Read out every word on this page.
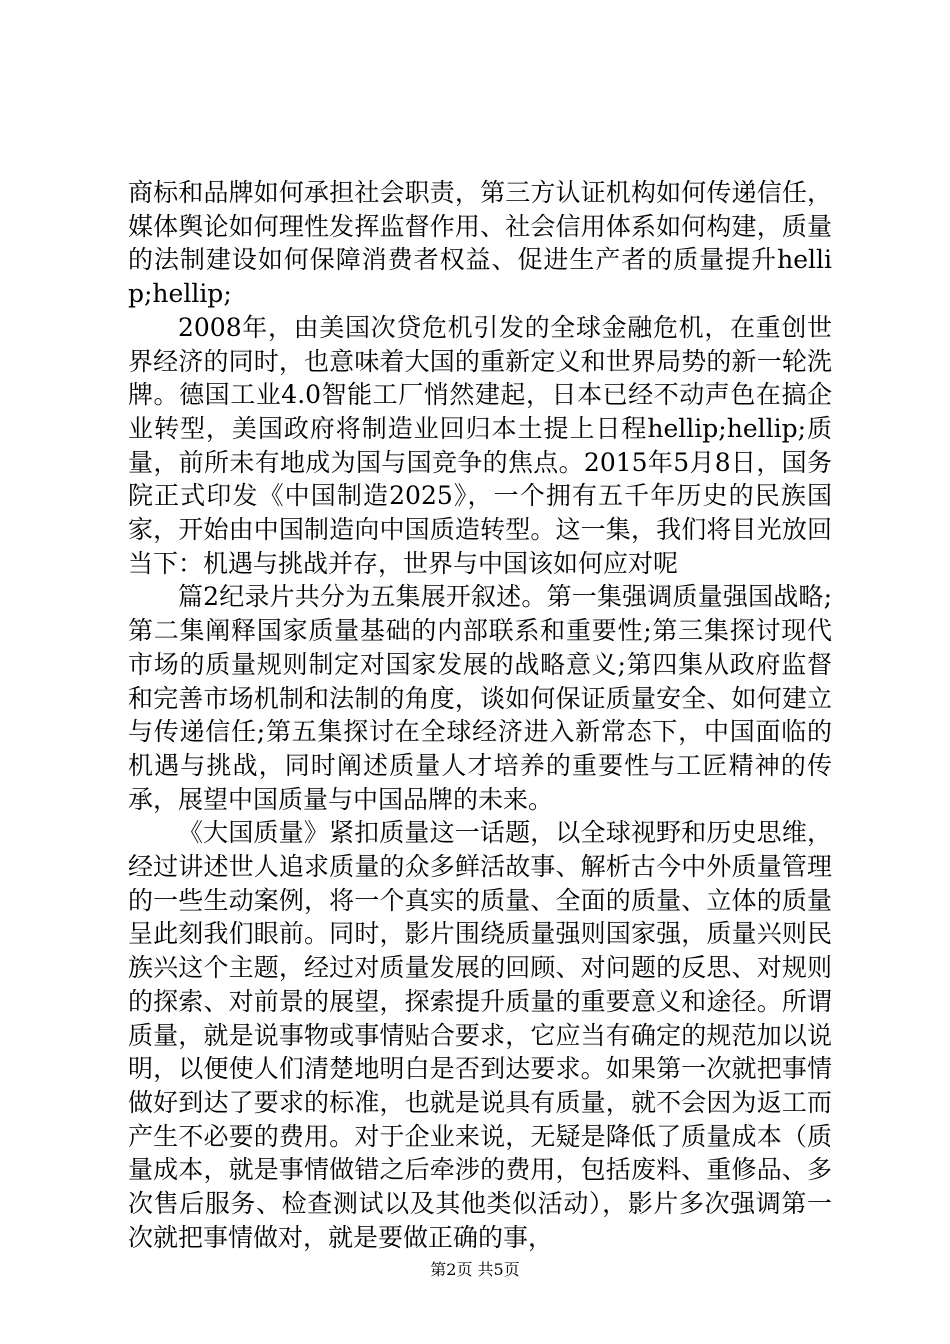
商标和品牌如何承担社会职责，第三方认证机构如何传递信任，媒体舆论如何理性发挥监督作用、社会信用体系如何构建，质量的法制建设如何保障消费者权益、促进生产者的质量提升hellip;hellip;

2008年，由美国次贷危机引发的全球金融危机，在重创世界经济的同时，也意味着大国的重新定义和世界局势的新一轮洗牌。德国工业4.0智能工厂悄然建起，日本已经不动声色在搞企业转型，美国政府将制造业回归本土提上日程hellip;hellip;质量，前所未有地成为国与国竞争的焦点。2015年5月8日，国务院正式印发《中国制造2025》，一个拥有五千年历史的民族国家，开始由中国制造向中国质造转型。这一集，我们将目光放回当下：机遇与挑战并存，世界与中国该如何应对呢

篇2纪录片共分为五集展开叙述。第一集强调质量强国战略;第二集阐释国家质量基础的内部联系和重要性;第三集探讨现代市场的质量规则制定对国家发展的战略意义;第四集从政府监督和完善市场机制和法制的角度，谈如何保证质量安全、如何建立与传递信任;第五集探讨在全球经济进入新常态下，中国面临的机遇与挑战，同时阐述质量人才培养的重要性与工匠精神的传承，展望中国质量与中国品牌的未来。

《大国质量》紧扣质量这一话题，以全球视野和历史思维，经过讲述世人追求质量的众多鲜活故事、解析古今中外质量管理的一些生动案例，将一个真实的质量、全面的质量、立体的质量呈此刻我们眼前。同时，影片围绕质量强则国家强，质量兴则民族兴这个主题，经过对质量发展的回顾、对问题的反思、对规则的探索、对前景的展望，探索提升质量的重要意义和途径。所谓质量，就是说事物或事情贴合要求，它应当有确定的规范加以说明，以便使人们清楚地明白是否到达要求。如果第一次就把事情做好到达了要求的标准，也就是说具有质量，就不会因为返工而产生不必要的费用。对于企业来说，无疑是降低了质量成本（质量成本，就是事情做错之后牵涉的费用，包括废料、重修品、多次售后服务、检查测试以及其他类似活动），影片多次强调第一次就把事情做对，就是要做正确的事，

第2页 共5页
